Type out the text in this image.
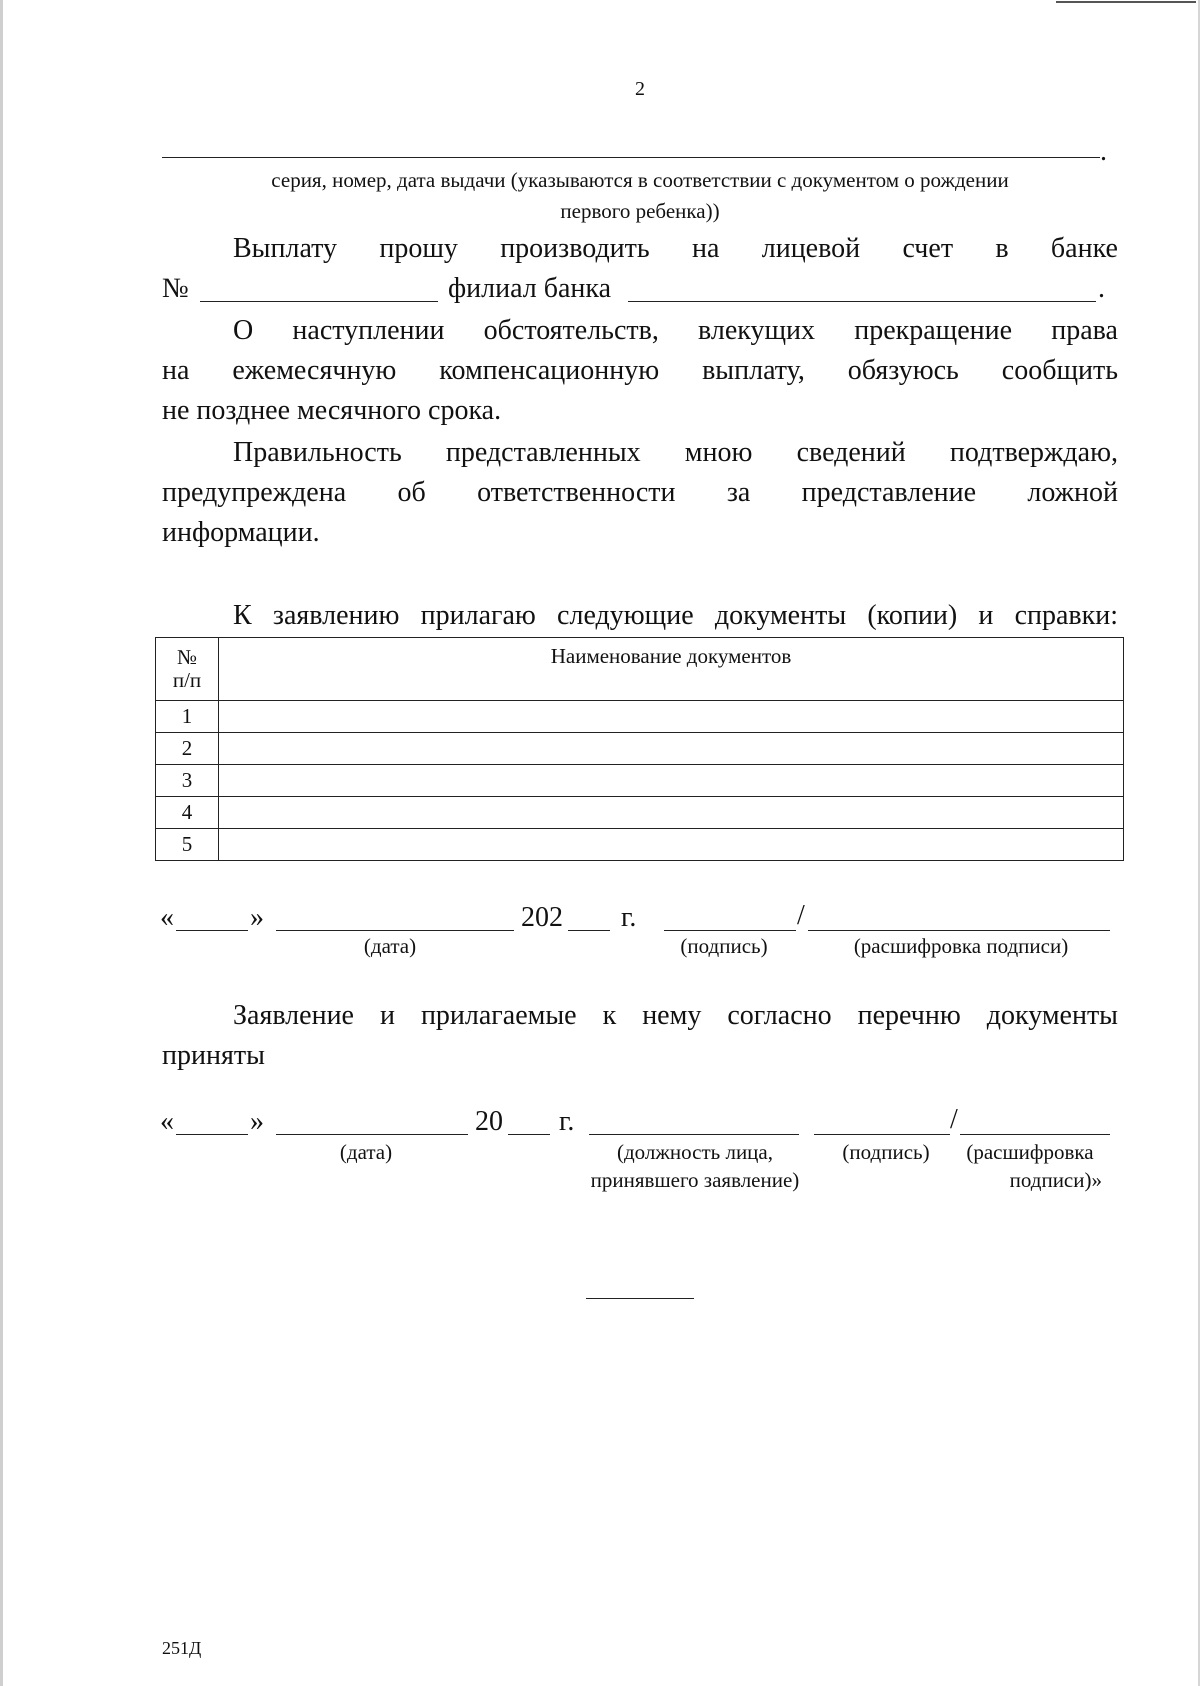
2
.
серия, номер, дата выдачи (указываются в соответствии с документом о рождении
первого ребенка))
Выплату прошу производить на лицевой счет в банке
№	филиал банка	.
О наступлении обстоятельств, влекущих прекращение права
на ежемесячную компенсационную выплату, обязуюсь сообщить
не позднее месячного срока.
Правильность представленных мною сведений подтверждаю,
предупреждена об ответственности за представление ложной
информации.
К заявлению прилагаю следующие документы (копии) и справки:
№
п/п	Наименование документов
1	
2	
3	
4	
5	
«	»	202 г.	/
(дата)	(подпись)	(расшифровка подписи)
Заявление и прилагаемые к нему согласно перечню документы
приняты
«	»	20 г.	/
(дата)	(должность лица,
принявшего заявление)
(подпись)	(расшифровка
подписи)»
251Д
